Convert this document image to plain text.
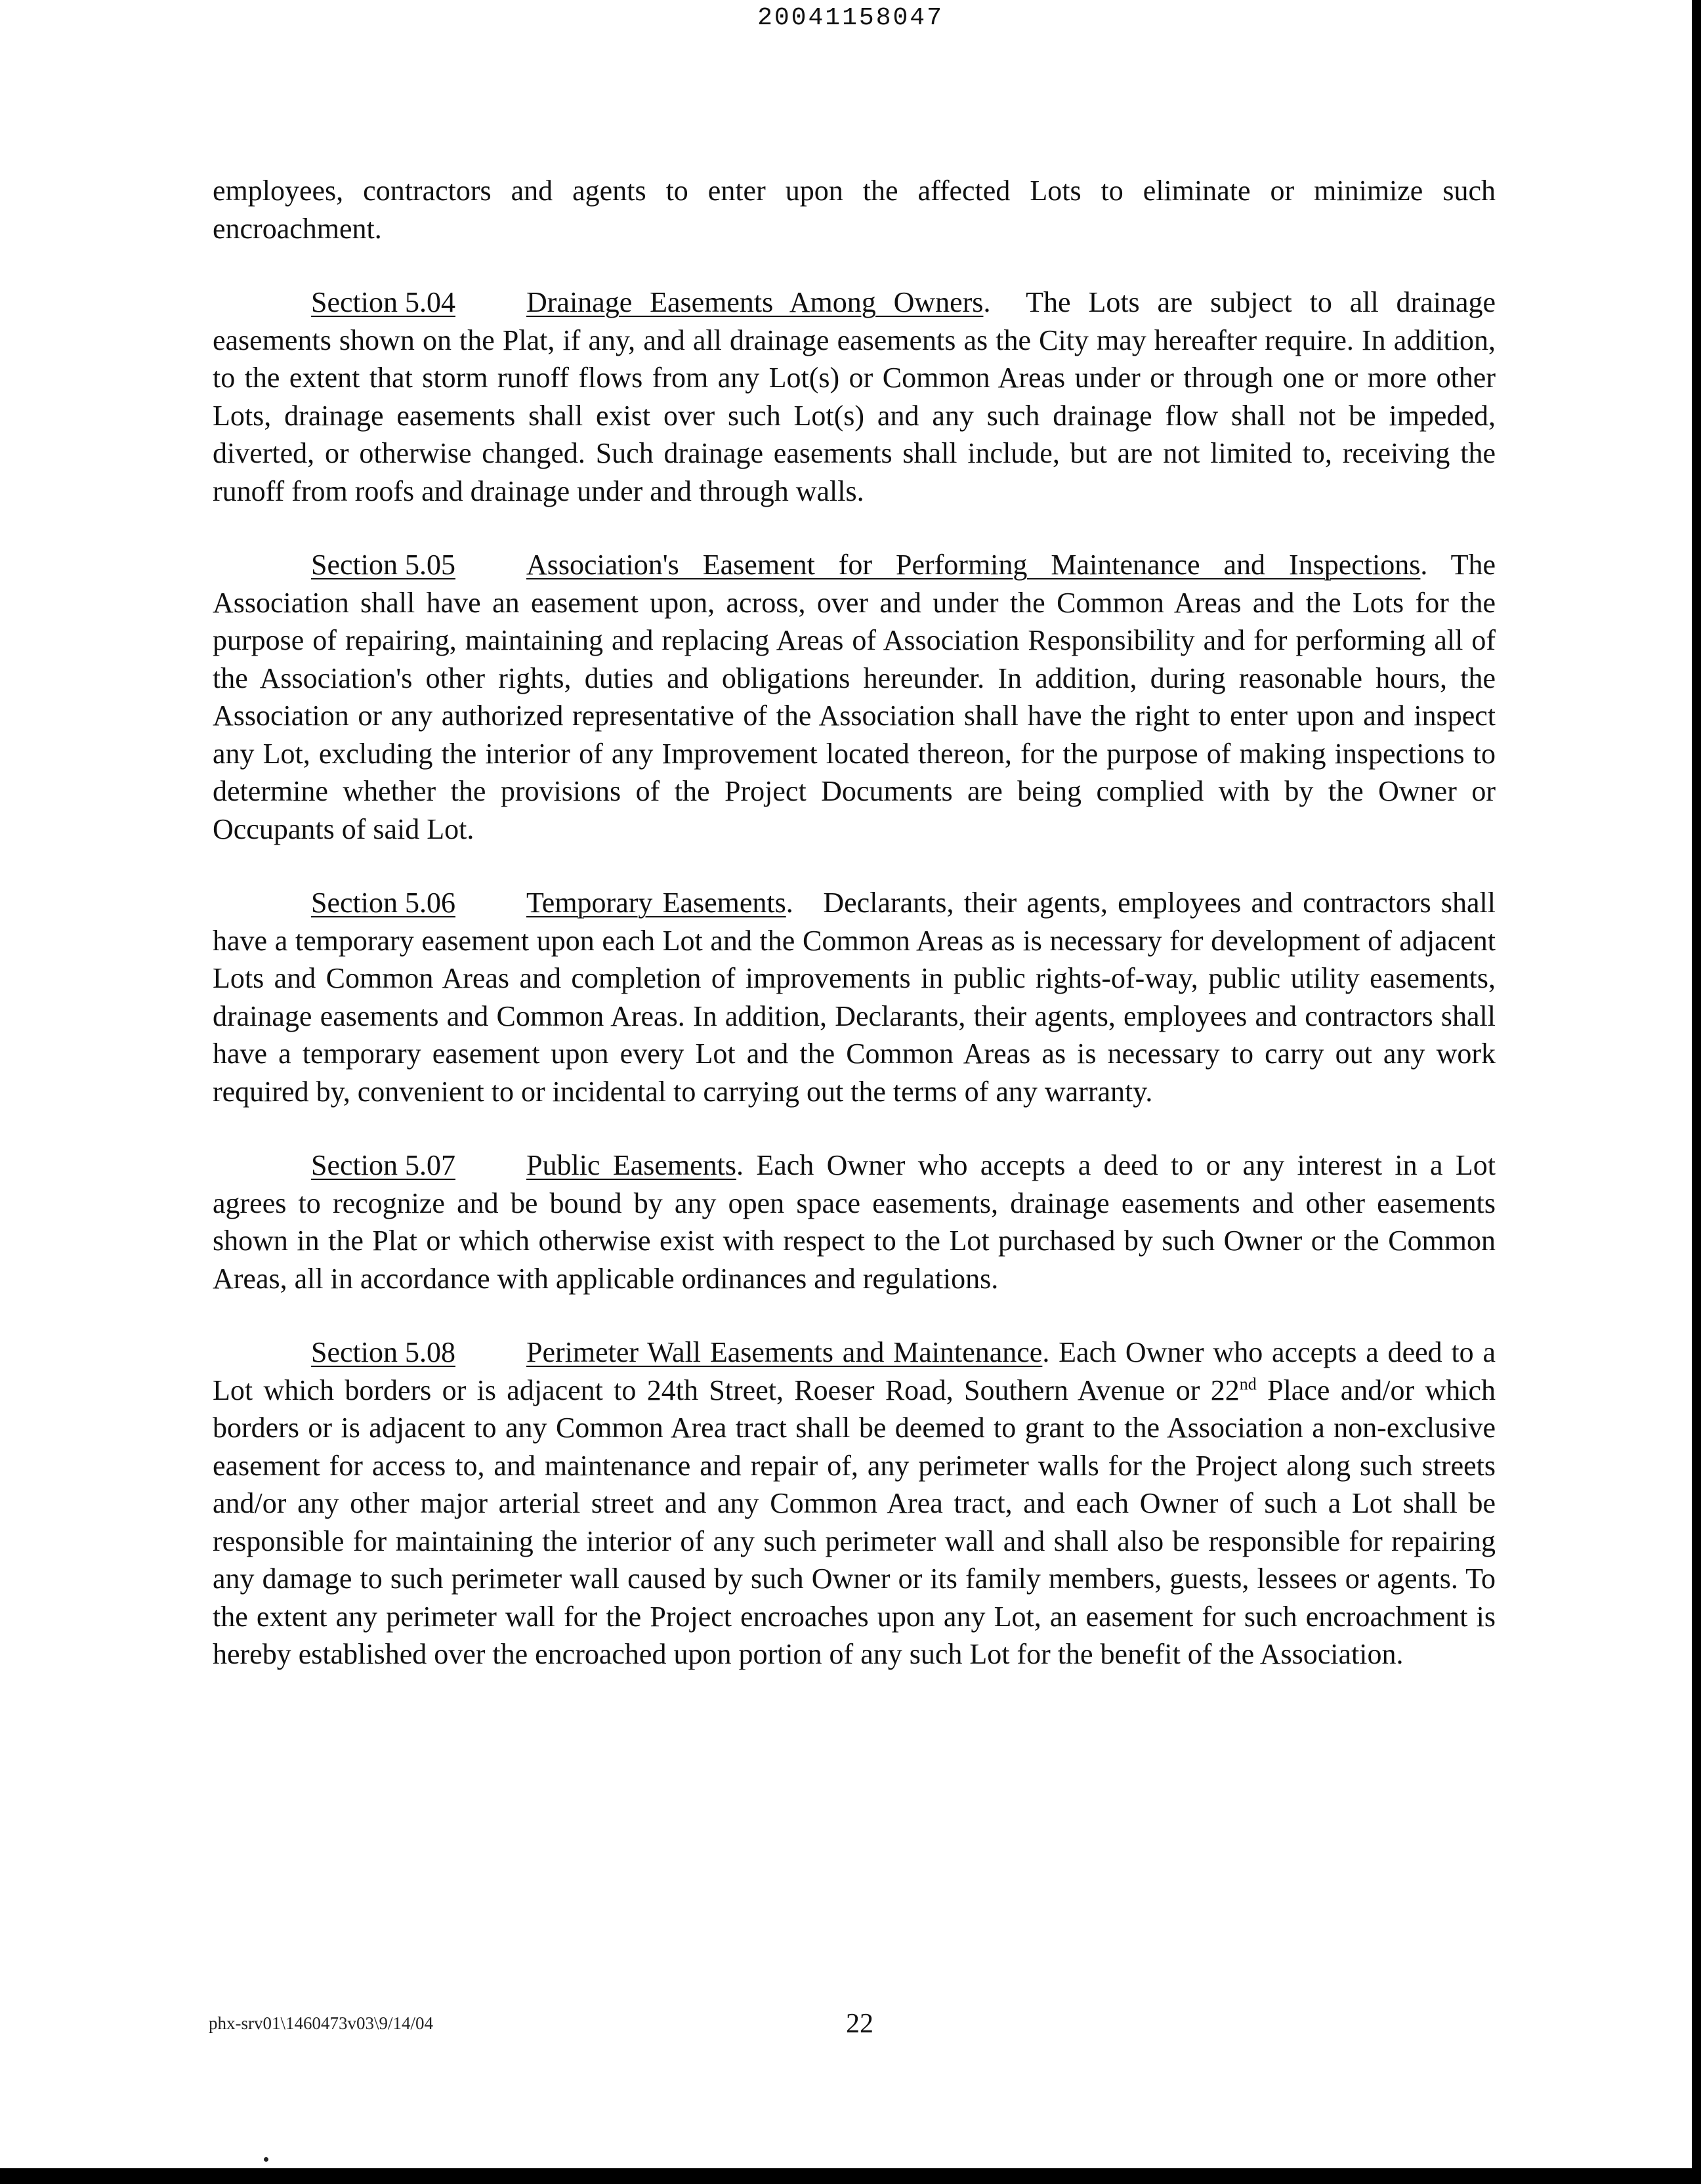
20041158047

employees, contractors and agents to enter upon the affected Lots to eliminate or minimize such encroachment.

Section 5.04 Drainage Easements Among Owners.  The Lots are subject to all drainage easements shown on the Plat, if any, and all drainage easements as the City may hereafter require. In addition, to the extent that storm runoff flows from any Lot(s) or Common Areas under or through one or more other Lots, drainage easements shall exist over such Lot(s) and any such drainage flow shall not be impeded, diverted, or otherwise changed. Such drainage easements shall include, but are not limited to, receiving the runoff from roofs and drainage under and through walls.

Section 5.05 Association's Easement for Performing Maintenance and Inspections. The Association shall have an easement upon, across, over and under the Common Areas and the Lots for the purpose of repairing, maintaining and replacing Areas of Association Responsibility and for performing all of the Association's other rights, duties and obligations hereunder. In addition, during reasonable hours, the Association or any authorized representative of the Association shall have the right to enter upon and inspect any Lot, excluding the interior of any Improvement located thereon, for the purpose of making inspections to determine whether the provisions of the Project Documents are being complied with by the Owner or Occupants of said Lot.

Section 5.06 Temporary Easements.   Declarants, their agents, employees and contractors shall have a temporary easement upon each Lot and the Common Areas as is necessary for development of adjacent Lots and Common Areas and completion of improvements in public rights-of-way, public utility easements, drainage easements and Common Areas. In addition, Declarants, their agents, employees and contractors shall have a temporary easement upon every Lot and the Common Areas as is necessary to carry out any work required by, convenient to or incidental to carrying out the terms of any warranty.

Section 5.07 Public Easements. Each Owner who accepts a deed to or any interest in a Lot agrees to recognize and be bound by any open space easements, drainage easements and other easements shown in the Plat or which otherwise exist with respect to the Lot purchased by such Owner or the Common Areas, all in accordance with applicable ordinances and regulations.

Section 5.08 Perimeter Wall Easements and Maintenance. Each Owner who accepts a deed to a Lot which borders or is adjacent to 24th Street, Roeser Road, Southern Avenue or 22nd Place and/or which borders or is adjacent to any Common Area tract shall be deemed to grant to the Association a non-exclusive easement for access to, and maintenance and repair of, any perimeter walls for the Project along such streets and/or any other major arterial street and any Common Area tract, and each Owner of such a Lot shall be responsible for maintaining the interior of any such perimeter wall and shall also be responsible for repairing any damage to such perimeter wall caused by such Owner or its family members, guests, lessees or agents. To the extent any perimeter wall for the Project encroaches upon any Lot, an easement for such encroachment is hereby established over the encroached upon portion of any such Lot for the benefit of the Association.

phx-srv01\1460473v03\9/14/04	22
